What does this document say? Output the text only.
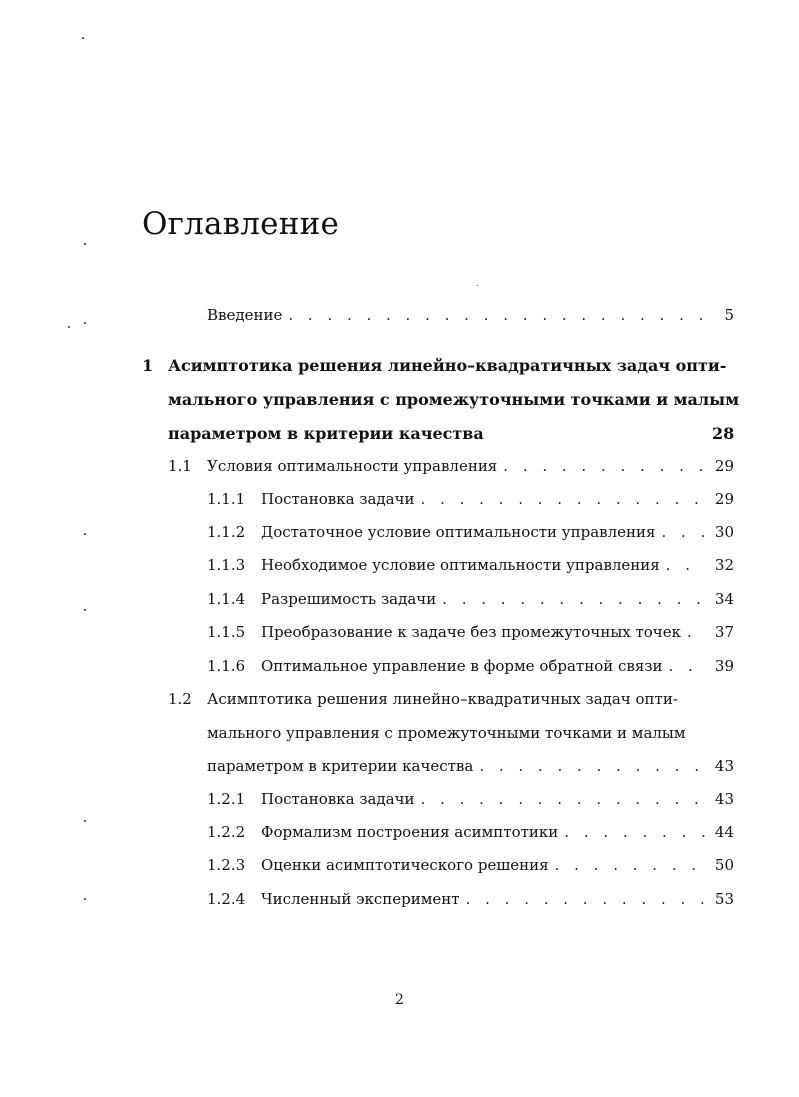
Оглавление
Введение . . .	5
1 Асимптотика решения линейно–квадратичных задач опти-
мального управления с промежуточными точками и малым
параметром в критерии качества	28
1.1	Условия оптимальности управления . . .	29
1.1.1	Постановка задачи . . .	29
1.1.2	Достаточное условие оптимальности управления . . .	30
1.1.3	Необходимое условие оптимальности управления . . .	32
1.1.4	Разрешимость задачи . . .	34
1.1.5	Преобразование к задаче без промежуточных точек . . . 37
1.1.6	Оптимальное управление в форме обратной связи . . .	39
1.2 Асимптотика решения линейно–квадратичных задач опти-
мального управления с промежуточными точками и малым
параметром в критерии качества . . .	43
1.2.1	Постановка задачи . . .	43
1.2.2	Формализм построения асимптотики . . .	44
1.2.3	Оценки асимптотического решения . . .	50
1.2.4	Численный эксперимент . . .	53
2
